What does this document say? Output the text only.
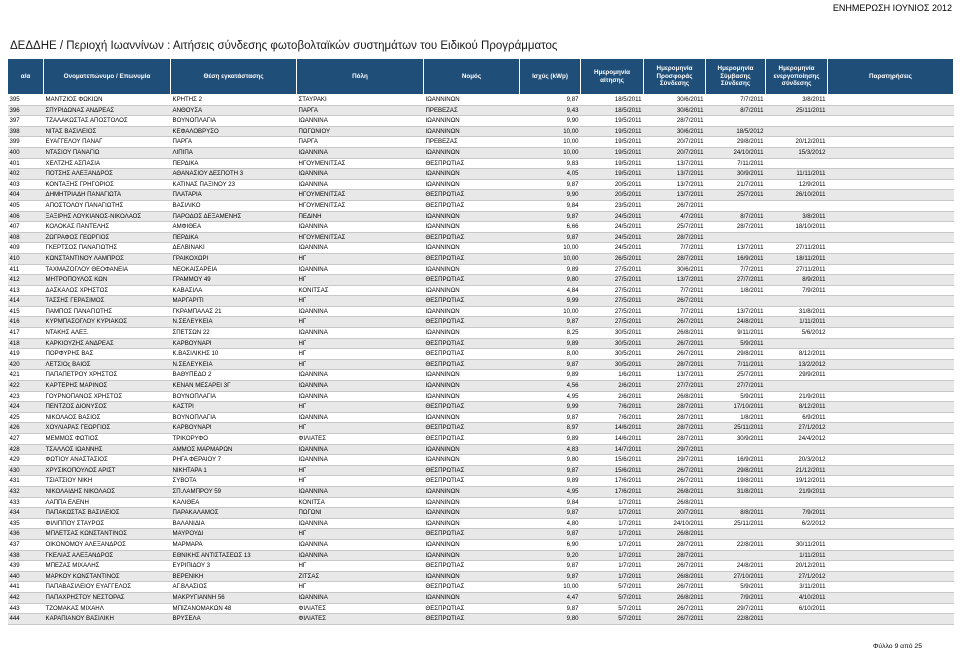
ΕΝΗΜΕΡΩΣΗ ΙΟΥΝΙΟΣ 2012
ΔΕΔΔΗΕ / Περιοχή Ιωαννίνων : Αιτήσεις σύνδεσης φωτοβολταϊκών συστημάτων του Ειδικού Προγράμματος
α/α	Ονοματεπώνυμο / Επωνυμία	Θέση εγκατάστασης	Πόλη	Νομός	Ισχύς (kWp)	Ημερομηνία αίτησης	Ημερομηνία Προσφοράς Σύνδεσης	Ημερομηνία Σύμβασης Σύνδεσης	Ημερομηνία ενεργοποίησης σύνδεσης	Παρατηρήσεις
395	ΜΑΝΤΖΙΟΣ ΦΩΚΙΩΝ	ΚΡΗΤΗΣ 2	ΣΤΑΥΡΑΚΙ	ΙΩΑΝΝΙΝΩΝ	9,87	18/5/2011	30/6/2011	7/7/2011	3/8/2011	
396	ΣΠΥΡΙΔΩΝΑΣ ΑΝΔΡΕΑΣ	ΑΝΘΟΥΣΑ	ΠΑΡΓΑ	ΠΡΕΒΕΖΑΣ	9,43	18/5/2011	30/6/2011	8/7/2011	25/11/2011	
397	ΤΖΑΛΑΚΩΣΤΑΣ ΑΠΟΣΤΟΛΟΣ	ΒΟΥΝΟΠΛΑΓΙΑ	ΙΩΑΝΝΙΝΑ	ΙΩΑΝΝΙΝΩΝ	9,90	19/5/2011	28/7/2011			
398	ΝΙΤΑΣ ΒΑΣΙΛΕΙΟΣ	ΚΕΦΑΛΟΒΡΥΣΟ	ΠΩΓΩΝΙΟΥ	ΙΩΑΝΝΙΝΩΝ	10,00	19/5/2011	30/6/2011	18/5/2012		
399	ΕΥΑΓΓΕΛΟΥ ΠΑΝΑΓ	ΠΑΡΓΑ	ΠΑΡΓΑ	ΠΡΕΒΕΖΑΣ	10,00	19/5/2011	20/7/2011	29/8/2011	20/12/2011	
400	ΝΤΑΣΙΟΥ ΠΑΝΑΓΙΩ	ΛΙΠΙΠΑ	ΙΩΑΝΝΙΝΑ	ΙΩΑΝΝΙΝΩΝ	10,00	19/5/2011	20/7/2011	24/10/2011	15/3/2012	
401	ΧΕΛΤΖΗΣ ΑΣΠΑΣΙΑ	ΠΕΡΔΙΚΑ	ΗΓΟΥΜΕΝΙΤΣΑΣ	ΘΕΣΠΡΩΤΙΑΣ	9,83	19/5/2011	13/7/2011	7/11/2011		
402	ΠΟΤΣΗΣ ΑΛΕΞΑΝΔΡΟΣ	ΑΘΑΝΑΣΙΟΥ ΔΕΣΠΟΤΗ 3	ΙΩΑΝΝΙΝΑ	ΙΩΑΝΝΙΝΩΝ	4,05	19/5/2011	13/7/2011	30/9/2011	11/11/2011	
403	ΚΟΝΤΑΞΗΣ ΓΡΗΓΟΡΙΟΣ	ΚΑΤΙΝΑΣ ΠΑΞΙΝΟΥ 23	ΙΩΑΝΝΙΝΑ	ΙΩΑΝΝΙΝΩΝ	9,87	20/5/2011	13/7/2011	21/7/2011	12/9/2011	
404	ΔΗΜΗΤΡΙΑΔΗ ΠΑΝΑΓΙΩΤΑ	ΠΛΑΤΑΡΙΑ	ΗΓΟΥΜΕΝΙΤΣΑΣ	ΘΕΣΠΡΩΤΙΑΣ	9,90	20/5/2011	13/7/2011	25/7/2011	26/10/2011	
405	ΑΠΟΣΤΟΛΟΥ ΠΑΝΑΓΙΩΤΗΣ	ΒΑΣΙΛΙΚΟ	ΗΓΟΥΜΕΝΙΤΣΑΣ	ΘΕΣΠΡΩΤΙΑΣ	9,84	23/5/2011	26/7/2011			
406	ΞΑΞΙΡΗΣ ΛΟΥΚΙΑΝΟΣ-ΝΙΚΟΛΑΟΣ	ΠΑΡΟΔΟΣ ΔΕΞΑΜΕΝΗΣ	ΠΕΔΙΝΗ	ΙΩΑΝΝΙΝΩΝ	9,87	24/5/2011	4/7/2011	8/7/2011	3/8/2011	
407	ΚΟΛΟΚΑΣ ΠΑΝΤΕΛΗΣ	ΑΜΦΙΘΕΑ	ΙΩΑΝΝΙΝΑ	ΙΩΑΝΝΙΝΩΝ	6,66	24/5/2011	25/7/2011	28/7/2011	18/10/2011	
408	ΖΩΓΡΑΦΟΣ ΓΕΩΡΓΙΟΣ	ΠΕΡΔΙΚΑ	ΗΓΟΥΜΕΝΙΤΣΑΣ	ΘΕΣΠΡΩΤΙΑΣ	9,87	24/5/2011	28/7/2011			
409	ΓΚΕΡΤΣΟΣ ΠΑΝΑΓΙΩΤΗΣ	ΔΕΛΒΙΝΑΚΙ	ΙΩΑΝΝΙΝΑ	ΙΩΑΝΝΙΝΩΝ	10,00	24/5/2011	7/7/2011	13/7/2011	27/11/2011	
410	ΚΩΝΣΤΑΝΤΙΝΟΥ ΛΑΜΠΡΟΣ	ΓΡΑΙΚΟΧΩΡΙ	ΗΓ	ΘΕΣΠΡΩΤΙΑΣ	10,00	26/5/2011	28/7/2011	16/9/2011	18/11/2011	
411	ΤΑΧΜΑΖΟΓΛΟΥ ΘΕΟΦΑΝΕΙΑ	ΝΕΟΚΑΙΣΑΡΕΙΑ	ΙΩΑΝΝΙΝΑ	ΙΩΑΝΝΙΝΩΝ	9,89	27/5/2011	30/6/2011	7/7/2011	27/11/2011	
412	ΜΗΤΡΟΠΟΥΛΟΣ ΚΩΝ	ΓΡΑΜΜΟΥ 49	ΗΓ	ΘΕΣΠΡΩΤΙΑΣ	9,80	27/5/2011	13/7/2011	27/7/2011	8/9/2011	
413	ΔΑΣΚΑΛΟΣ ΧΡΗΣΤΟΣ	ΚΑΒΑΣΙΛΑ	ΚΟΝΙΤΣΑΣ	ΙΩΑΝΝΙΝΩΝ	4,84	27/5/2011	7/7/2011	1/8/2011	7/9/2011	
414	ΤΑΣΣΗΣ ΓΕΡΑΣΙΜΟΣ	ΜΑΡΓΑΡΙΤΙ	ΗΓ	ΘΕΣΠΡΩΤΙΑΣ	9,99	27/5/2011	26/7/2011			
415	ΠΑΜΠΟΣ ΠΑΝΑΓΙΩΤΗΣ	ΓΚΡΑΜΠΑΛΑΣ 21	ΙΩΑΝΝΙΝΑ	ΙΩΑΝΝΙΝΩΝ	10,00	27/5/2011	7/7/2011	13/7/2011	31/8/2011	
416	ΚΥΡΜΠΑΣΟΓΛΟΥ ΚΥΡΙΑΚΟΣ	Ν.ΣΕΛΕΥΚΕΙΑ	ΗΓ	ΘΕΣΠΡΩΤΙΑΣ	9,87	27/5/2011	26/7/2011	24/8/2011	1/11/2011	
417	ΝΤΑΚΗΣ ΑΛΕΞ.	ΣΠΕΤΣΩΝ 22	ΙΩΑΝΝΙΝΑ	ΙΩΑΝΝΙΝΩΝ	8,25	30/5/2011	26/8/2011	9/11/2011	5/6/2012	
418	ΚΑΡΚΙΟΥΖΗΣ ΑΝΔΡΕΑΣ	ΚΑΡΒΟΥΝΑΡΙ	ΗΓ	ΘΕΣΠΡΩΤΙΑΣ	9,89	30/5/2011	26/7/2011	5/9/2011		
419	ΠΟΡΦΥΡΗΣ ΒΑΣ	Κ.ΒΑΣΙΛΙΚΗΣ 10	ΗΓ	ΘΕΣΠΡΩΤΙΑΣ	8,00	30/5/2011	26/7/2011	29/8/2011	8/12/2011	
420	ΛΕΤΣΙΟς ΒΑΙΟΣ	Ν.ΣΕΛΕΥΚΕΙΑ	ΗΓ	ΘΕΣΠΡΩΤΙΑΣ	9,87	30/5/2011	28/7/2011	7/11/2011	13/2/2012	
421	ΠΑΠΑΠΕΤΡΟΥ ΧΡΗΣΤΟΣ	ΒΑΘΥΠΕΔΟ 2	ΙΩΑΝΝΙΝΑ	ΙΩΑΝΝΙΝΩΝ	9,89	1/6/2011	13/7/2011	25/7/2011	29/9/2011	
422	ΚΑΡΤΕΡΗΣ ΜΑΡΙΝΟΣ	ΚΕΝΑΝ ΜΕΣΑΡΕΙ 3Γ	ΙΩΑΝΝΙΝΑ	ΙΩΑΝΝΙΝΩΝ	4,56	2/6/2011	27/7/2011	27/7/2011		
423	ΓΟΥΡΝΟΠΑΝΟΣ ΧΡΗΣΤΟΣ	ΒΟΥΝΟΠΛΑΓΙΑ	ΙΩΑΝΝΙΝΑ	ΙΩΑΝΝΙΝΩΝ	4,95	2/6/2011	26/8/2011	5/9/2011	21/9/2011	
424	ΠΕΝΤΖΟΣ ΔΙΟΝΥΣΟΣ	ΚΑΣΤΡΙ	ΗΓ	ΘΕΣΠΡΩΤΙΑΣ	9,99	7/6/2011	28/7/2011	17/10/2011	8/12/2011	
425	ΝΙΚΟΛΑΟΣ ΒΑΣΙΟΣ	ΒΟΥΝΟΠΛΑΓΙΑ	ΙΩΑΝΝΙΝΑ	ΙΩΑΝΝΙΝΩΝ	9,87	7/6/2011	28/7/2011	1/8/2011	6/9/2011	
426	ΧΟΥΛΙΑΡΑΣ ΓΕΩΡΓΙΟΣ	ΚΑΡΒΟΥΝΑΡΙ	ΗΓ	ΘΕΣΠΡΩΤΙΑΣ	8,97	14/6/2011	28/7/2011	25/11/2011	27/1/2012	
427	ΜΕΜΜΟΣ ΦΩΤΙΟΣ	ΤΡΙΚΟΡΥΦΟ	ΦΙΛΙΑΤΕΣ	ΘΕΣΠΡΩΤΙΑΣ	9,89	14/6/2011	28/7/2011	30/9/2011	24/4/2012	
428	ΤΣΑΛΛΟΣ ΙΩΑΝΝΗΣ	ΑΜΜΟΣ ΜΑΡΜΑΡΩΝ	ΙΩΑΝΝΙΝΑ	ΙΩΑΝΝΙΝΩΝ	4,83	14/7/2011	29/7/2011			
429	ΦΩΤΙΟΥ ΑΝΑΣΤΑΣΙΟΣ	ΡΗΓΑ ΦΕΡΑΙΟΥ 7	ΙΩΑΝΝΙΝΑ	ΙΩΑΝΝΙΝΩΝ	9,80	15/6/2011	29/7/2011	16/9/2011	20/3/2012	
430	ΧΡΥΣΙΚΟΠΟΥΛΟΣ ΑΡΙΣΤ	ΝΙΚΗΤΑΡΑ 1	ΗΓ	ΘΕΣΠΡΩΤΙΑΣ	9,87	15/6/2011	26/7/2011	29/8/2011	21/12/2011	
431	ΤΣΙΑΤΣΙΟΥ ΝΙΚΗ	ΣΥΒΟΤΑ	ΗΓ	ΘΕΣΠΡΩΤΙΑΣ	9,89	17/6/2011	26/7/2011	19/8/2011	19/12/2011	
432	ΝΙΚΟΛΑΙΔΗΣ ΝΙΚΟΛΑΟΣ	ΣΠ.ΛΑΜΠΡΟΥ 59	ΙΩΑΝΝΙΝΑ	ΙΩΑΝΝΙΝΩΝ	4,95	17/6/2011	26/8/2011	31/8/2011	21/9/2011	
433	ΛΑΠΠΑ ΕΛΕΝΗ	ΚΑΛΙΘΕΑ	ΚΟΝΙΤΣΑ	ΙΩΑΝΝΙΝΩΝ	9,84	1/7/2011	26/8/2011			
434	ΠΑΠΑΚΩΣΤΑΣ ΒΑΣΙΛΕΙΟΣ	ΠΑΡΑΚΑΛΑΜΟΣ	ΠΩΓΩΝΙ	ΙΩΑΝΝΙΝΩΝ	9,87	1/7/2011	20/7/2011	8/8/2011	7/9/2011	
435	ΦΙΛΙΠΠΟΥ ΣΤΑΥΡΟΣ	ΒΑΛΑΝΙΔΙΑ	ΙΩΑΝΝΙΝΑ	ΙΩΑΝΝΙΝΩΝ	4,80	1/7/2011	24/10/2011	25/11/2011	6/2/2012	
436	ΜΠΛΕΤΣΑΣ ΚΩΝΣΤΑΝΤΙΝΟΣ	ΜΑΥΡΟΥΔΙ	ΗΓ	ΘΕΣΠΡΩΤΙΑΣ	9,87	1/7/2011	26/8/2011			
437	ΟΙΚΟΝΟΜΟΥ ΑΛΕΞΑΝΔΡΟΣ	ΜΑΡΜΑΡΑ	ΙΩΑΝΝΙΝΑ	ΙΩΑΝΝΙΝΩΝ	6,90	1/7/2011	28/7/2011	22/8/2011	30/11/2011	
438	ΓΚΕΛΙΑΣ ΑΛΕΞΑΝΔΡΟΣ	ΕΘΝΙΚΗΣ ΑΝΤΙΣΤΑΣΕΩΣ 13	ΙΩΑΝΝΙΝΑ	ΙΩΑΝΝΙΝΩΝ	9,20	1/7/2011	28/7/2011		1/11/2011	
439	ΜΠΕΖΑΣ ΜΙΧΑΛΗΣ	ΕΥΡΙΠΙΔΟΥ 3	ΗΓ	ΘΕΣΠΡΩΤΙΑΣ	9,87	1/7/2011	26/7/2011	24/8/2011	20/12/2011	
440	ΜΑΡΚΟΥ ΚΩΝΣΤΑΝΤΙΝΟΣ	ΒΕΡΕΝΙΚΗ	ΖΙΤΣΑΣ	ΙΩΑΝΝΙΝΩΝ	9,87	1/7/2011	26/8/2011	27/10/2011	27/1/2012	
441	ΠΑΠΑΒΑΣΙΛΕΙΟΥ ΕΥΑΓΓΕΛΟΣ	ΑΓ.ΒΛΑΣΙΟΣ	ΗΓ	ΘΕΣΠΡΩΤΙΑΣ	10,00	5/7/2011	26/7/2011	5/9/2011	3/11/2011	
442	ΠΑΠΑΧΡΗΣΤΟΥ ΝΕΣΤΟΡΑΣ	ΜΑΚΡΥΓΙΑΝΝΗ 56	ΙΩΑΝΝΙΝΑ	ΙΩΑΝΝΙΝΩΝ	4,47	5/7/2011	26/8/2011	7/9/2011	4/10/2011	
443	ΤΖΟΜΑΚΑΣ ΜΙΧΑΗΛ	ΜΠΙΖΑΝΟΜΑΚΩΝ 48	ΦΙΛΙΑΤΕΣ	ΘΕΣΠΡΩΤΙΑΣ	9,87	5/7/2011	26/7/2011	29/7/2011	6/10/2011	
444	ΚΑΡΑΠΙΑΝΟΥ ΒΑΣΙΛΙΚΗ	ΒΡΥΣΕΛΑ	ΦΙΛΙΑΤΕΣ	ΘΕΣΠΡΩΤΙΑΣ	9,80	5/7/2011	26/7/2011	22/8/2011		
Φύλλο 9 από 25
